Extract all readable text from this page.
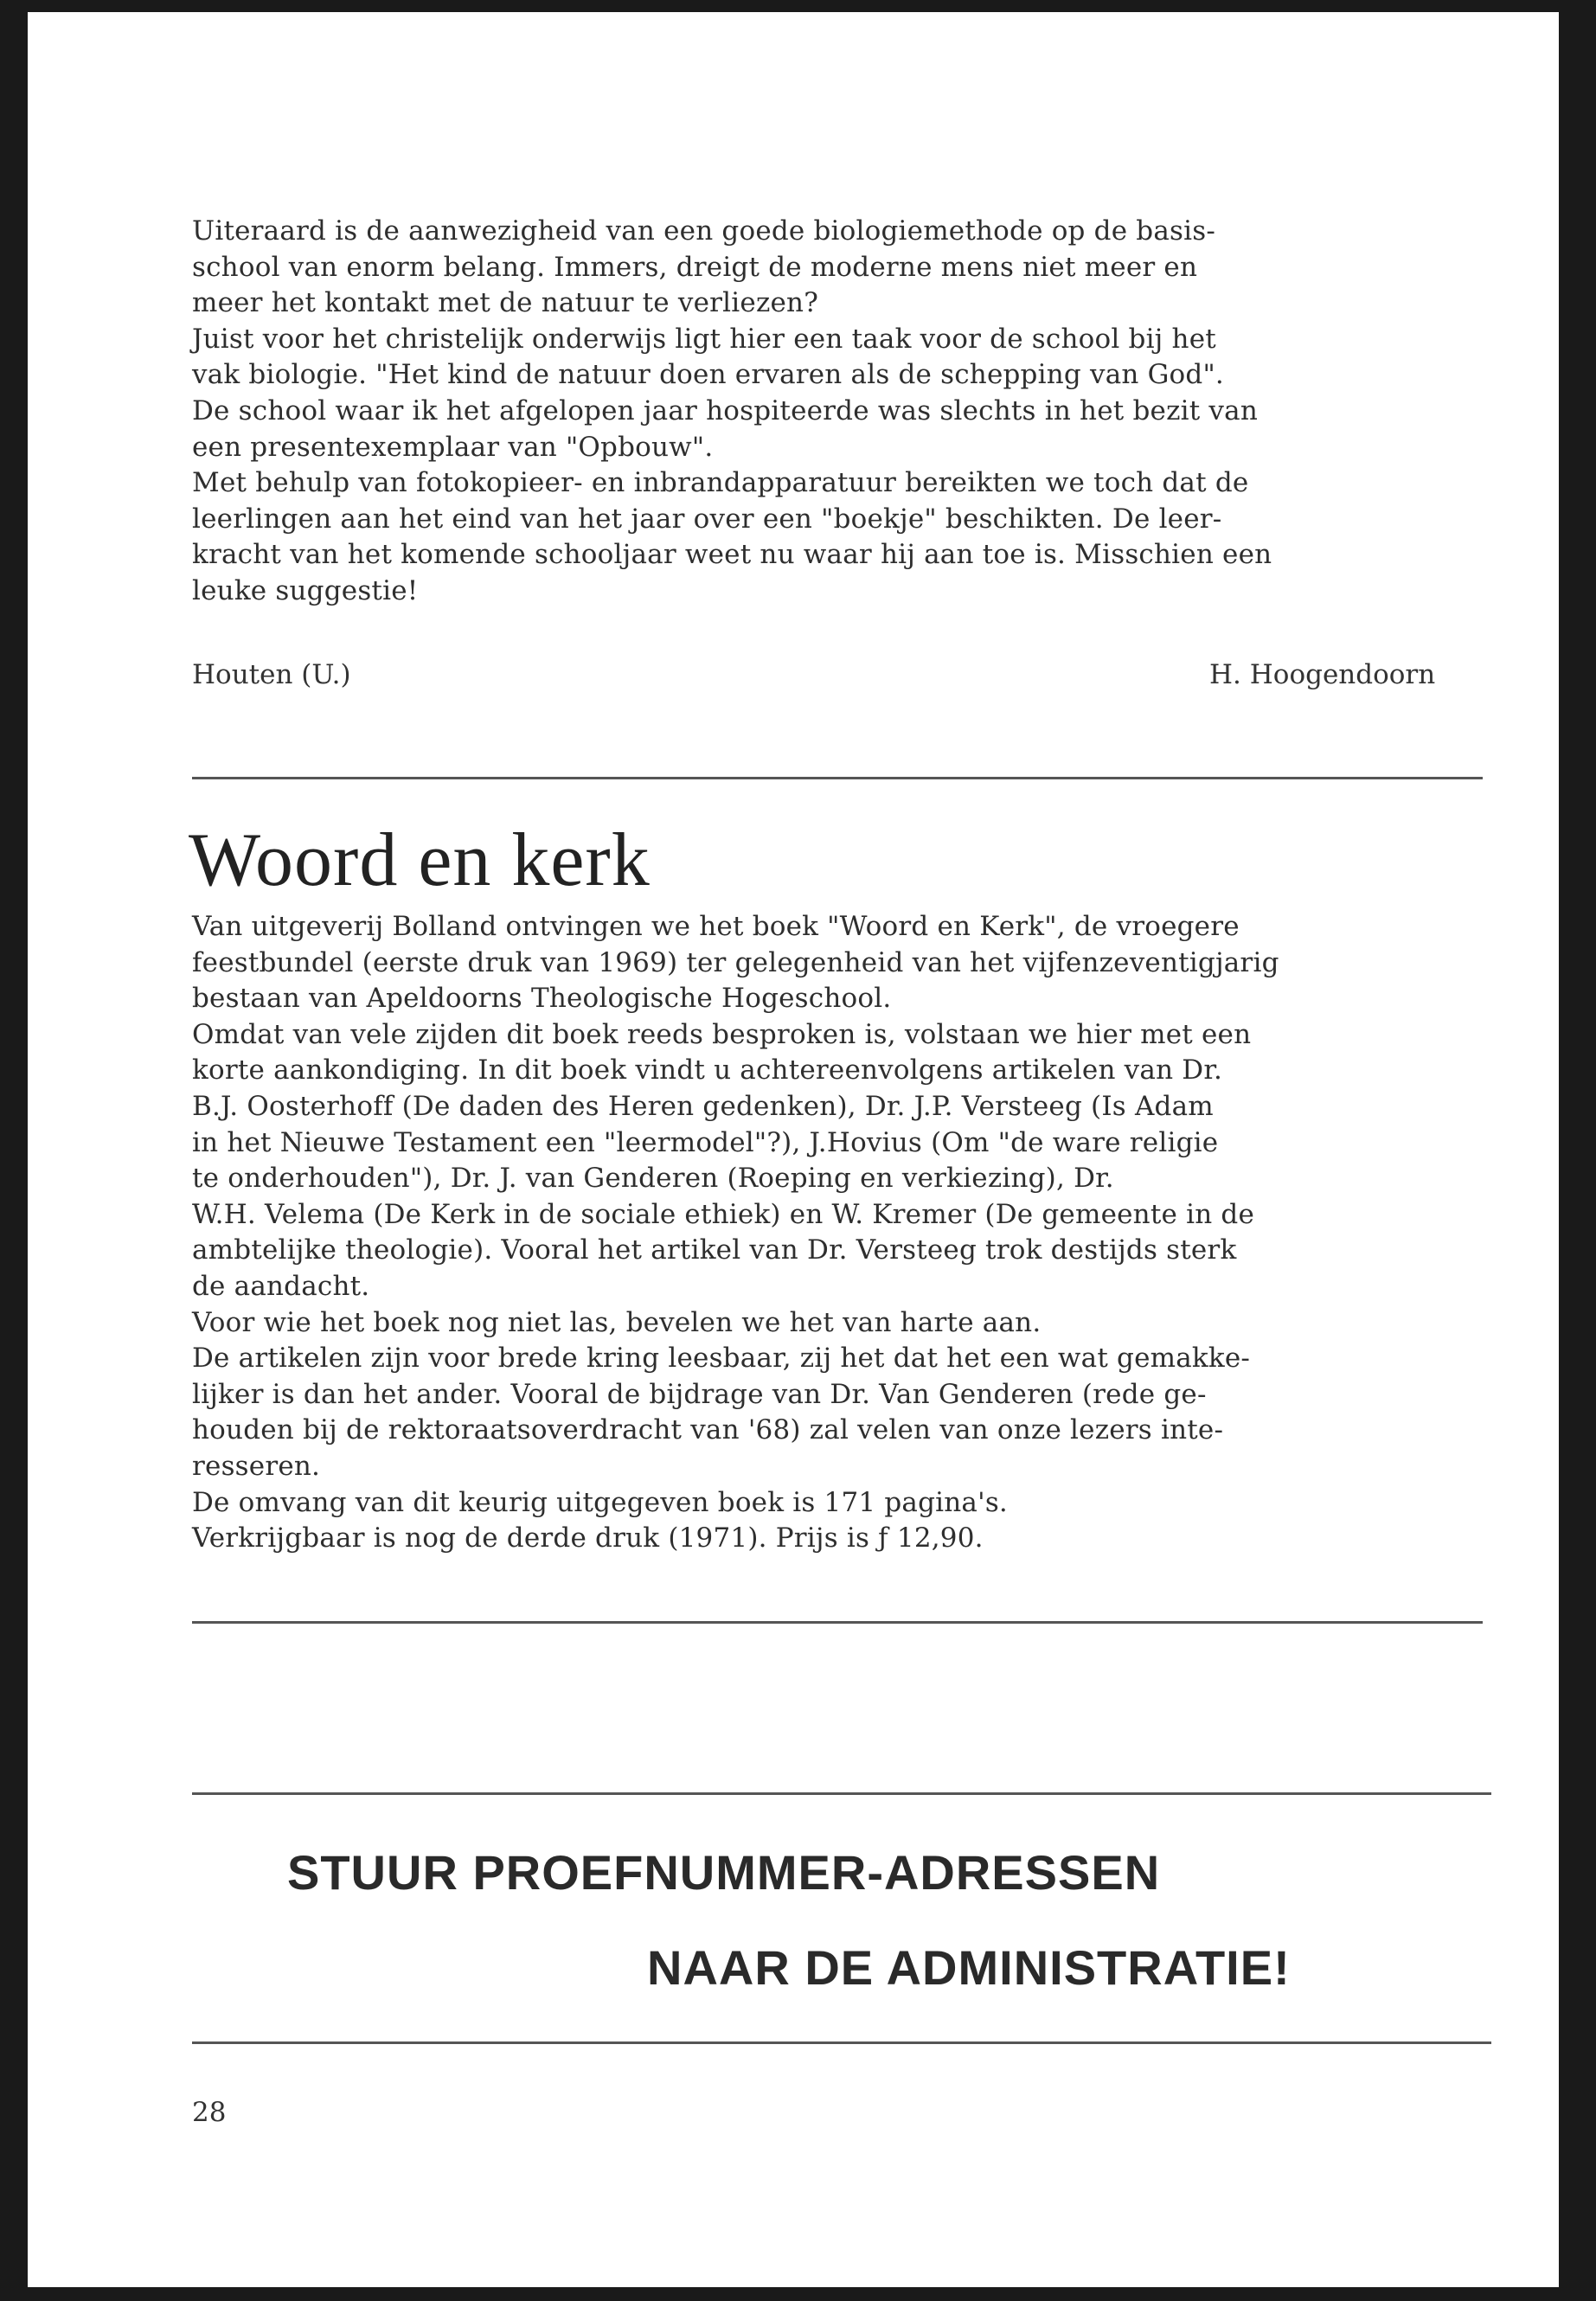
Uiteraard is de aanwezigheid van een goede biologiemethode op de basis-
school van enorm belang. Immers, dreigt de moderne mens niet meer en
meer het kontakt met de natuur te verliezen?
Juist voor het christelijk onderwijs ligt hier een taak voor de school bij het
vak biologie. "Het kind de natuur doen ervaren als de schepping van God".
De school waar ik het afgelopen jaar hospiteerde was slechts in het bezit van
een presentexemplaar van "Opbouw".
Met behulp van fotokopieer- en inbrandapparatuur bereikten we toch dat de
leerlingen aan het eind van het jaar over een "boekje" beschikten. De leer-
kracht van het komende schooljaar weet nu waar hij aan toe is. Misschien een
leuke suggestie!
Houten (U.)	H. Hoogendoorn
Woord en kerk
Van uitgeverij Bolland ontvingen we het boek "Woord en Kerk", de vroegere
feestbundel (eerste druk van 1969) ter gelegenheid van het vijfenzeventigjarig
bestaan van Apeldoorns Theologische Hogeschool.
Omdat van vele zijden dit boek reeds besproken is, volstaan we hier met een
korte aankondiging. In dit boek vindt u achtereenvolgens artikelen van Dr.
B.J. Oosterhoff (De daden des Heren gedenken), Dr. J.P. Versteeg (Is Adam
in het Nieuwe Testament een "leermodel"?), J.Hovius (Om "de ware religie
te onderhouden"), Dr. J. van Genderen (Roeping en verkiezing), Dr.
W.H. Velema (De Kerk in de sociale ethiek) en W. Kremer (De gemeente in de
ambtelijke theologie). Vooral het artikel van Dr. Versteeg trok destijds sterk
de aandacht.
Voor wie het boek nog niet las, bevelen we het van harte aan.
De artikelen zijn voor brede kring leesbaar, zij het dat het een wat gemakke-
lijker is dan het ander. Vooral de bijdrage van Dr. Van Genderen (rede ge-
houden bij de rektoraatsoverdracht van '68) zal velen van onze lezers inte-
resseren.
De omvang van dit keurig uitgegeven boek is 171 pagina's.
Verkrijgbaar is nog de derde druk (1971). Prijs is ƒ 12,90.
STUUR PROEFNUMMER-ADRESSEN
NAAR DE ADMINISTRATIE!
28
